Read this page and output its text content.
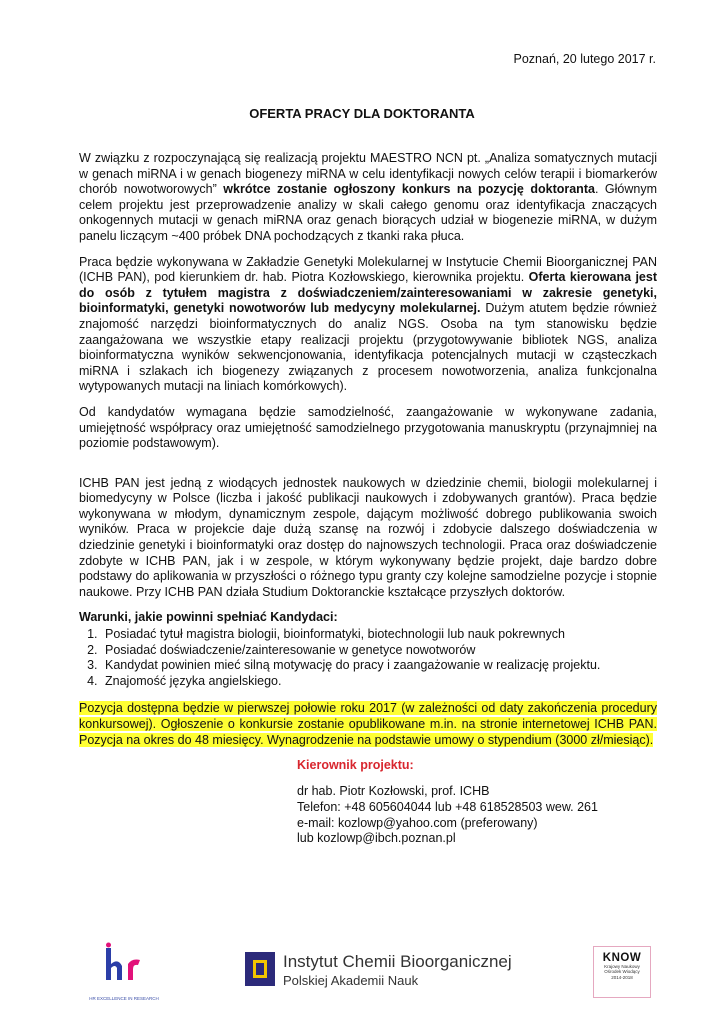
Poznań, 20 lutego 2017 r.
OFERTA PRACY DLA DOKTORANTA

W związku z rozpoczynającą się realizacją projektu MAESTRO NCN pt. „Analiza somatycznych mutacji w genach miRNA i w genach biogenezy miRNA w celu identyfikacji nowych celów terapii i biomarkerów chorób nowotworowych” wkrótce zostanie ogłoszony konkurs na pozycję doktoranta. Głównym celem projektu jest przeprowadzenie analizy w skali całego genomu oraz identyfikacja znaczących onkogennych mutacji w genach miRNA oraz genach biorących udział w biogenezie miRNA, w dużym panelu liczącym ~400 próbek DNA pochodzących z tkanki raka płuca.

Praca będzie wykonywana w Zakładzie Genetyki Molekularnej w Instytucie Chemii Bioorganicznej PAN (ICHB PAN), pod kierunkiem dr. hab. Piotra Kozłowskiego, kierownika projektu. Oferta kierowana jest do osób z tytułem magistra z doświadczeniem/zainteresowaniami w zakresie genetyki, bioinformatyki, genetyki nowotworów lub medycyny molekularnej. Dużym atutem będzie również znajomość narzędzi bioinformatycznych do analiz NGS. Osoba na tym stanowisku będzie zaangażowana we wszystkie etapy realizacji projektu (przygotowywanie bibliotek NGS, analiza bioinformatyczna wyników sekwencjonowania, identyfikacja potencjalnych mutacji w cząsteczkach miRNA i szlakach ich biogenezy związanych z procesem nowotworzenia, analiza funkcjonalna wytypowanych mutacji na liniach komórkowych).

Od kandydatów wymagana będzie samodzielność, zaangażowanie w wykonywane zadania, umiejętność współpracy oraz umiejętność samodzielnego przygotowania manuskryptu (przynajmniej na poziomie podstawowym).

ICHB PAN jest jedną z wiodących jednostek naukowych w dziedzinie chemii, biologii molekularnej i biomedycyny w Polsce (liczba i jakość publikacji naukowych i zdobywanych grantów). Praca będzie wykonywana w młodym, dynamicznym zespole, dającym możliwość dobrego publikowania swoich wyników. Praca w projekcie daje dużą szansę na rozwój i zdobycie dalszego doświadczenia w dziedzinie genetyki i bioinformatyki oraz dostęp do najnowszych technologii. Praca oraz doświadczenie zdobyte w ICHB PAN, jak i w zespole, w którym wykonywany będzie projekt, daje bardzo dobre podstawy do aplikowania w przyszłości o różnego typu granty czy kolejne samodzielne pozycje i stopnie naukowe. Przy ICHB PAN działa Studium Doktoranckie kształcące przyszłych doktorów.

Warunki, jakie powinni spełniać Kandydaci:
1. Posiadać tytuł magistra biologii, bioinformatyki, biotechnologii lub nauk pokrewnych
2. Posiadać doświadczenie/zainteresowanie w genetyce nowotworów
3. Kandydat powinien mieć silną motywację do pracy i zaangażowanie w realizację projektu.
4. Znajomość języka angielskiego.

Pozycja dostępna będzie w pierwszej połowie roku 2017 (w zależności od daty zakończenia procedury konkursowej). Ogłoszenie o konkursie zostanie opublikowane m.in. na stronie internetowej ICHB PAN. Pozycja na okres do 48 miesięcy. Wynagrodzenie na podstawie umowy o stypendium (3000 zł/miesiąc).

Kierownik projektu:
dr hab. Piotr Kozłowski, prof. ICHB
Telefon: +48 605604044 lub +48 618528503 wew. 261
e-mail: kozlowp@yahoo.com (preferowany)
lub kozlowp@ibch.poznan.pl
HR EXCELLENCE IN RESEARCH
Instytut Chemii Bioorganicznej
Polskiej Akademii Nauk
KNOW
Krajowy Naukowy
Ośrodek Wiodący
2014-2018
